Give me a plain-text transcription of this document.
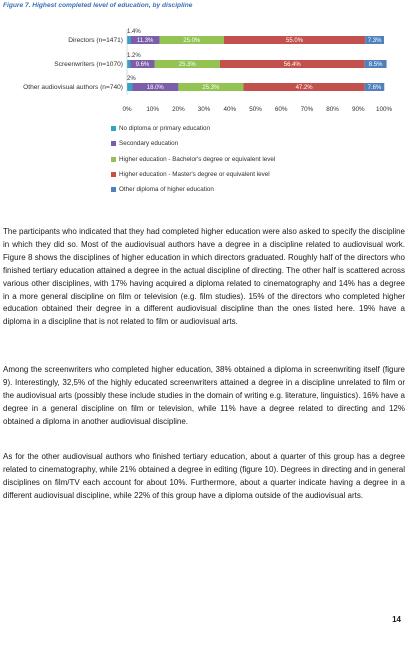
Figure 7. Highest completed level of education, by discipline
Directors (n=1471)
1.4%
11.3%	25.0%	55.0%	7.3%
Screenwriters (n=1070)
1.2%
9.6%	25.3%	56.4%	8.5%
Other audiovisual authors (n=740)
2%
18.0%	25.3%	47.2%	7.6%
0% 10% 20% 30% 40% 50% 60% 70% 80% 90% 100%
No diploma or primary education
Secondary education
Higher education - Bachelor's degree or equivalent level
Higher education - Master's degree or equivalent level
Other diploma of higher education

The participants who indicated that they had completed higher education were also asked to specify the discipline in which they did so. Most of the audiovisual authors have a degree in a discipline related to audiovisual work. Figure 8 shows the disciplines of higher education in which directors graduated. Roughly half of the directors who finished tertiary education attained a degree in the actual discipline of directing. The other half is scattered across various other disciplines, with 17% having acquired a diploma related to cinematography and 14% has a degree in a more general discipline on film or television (e.g. film studies). 15% of the directors who completed higher education obtained their degree in a different audiovisual discipline than the ones listed here. 19% have a diploma in a discipline that is not related to film or audiovisual arts.

Among the screenwriters who completed higher education, 38% obtained a diploma in screenwriting itself (figure 9). Interestingly, 32,5% of the highly educated screenwriters attained a degree in a discipline unrelated to film or the audiovisual arts (possibly these include studies in the domain of writing e.g. literature, linguistics). 16% have a degree in a general discipline on film or television, while 11% have a degree related to directing and 12% obtained a diploma in another audiovisual discipline.

As for the other audiovisual authors who finished tertiary education, about a quarter of this group has a degree related to cinematography, while 21% obtained a degree in editing (figure 10). Degrees in directing and in general disciplines on film/TV each account for about 10%. Furthermore, about a quarter indicate having a degree in a different audiovisual discipline, while 22% of this group have a diploma outside of the audiovisual arts.

14
